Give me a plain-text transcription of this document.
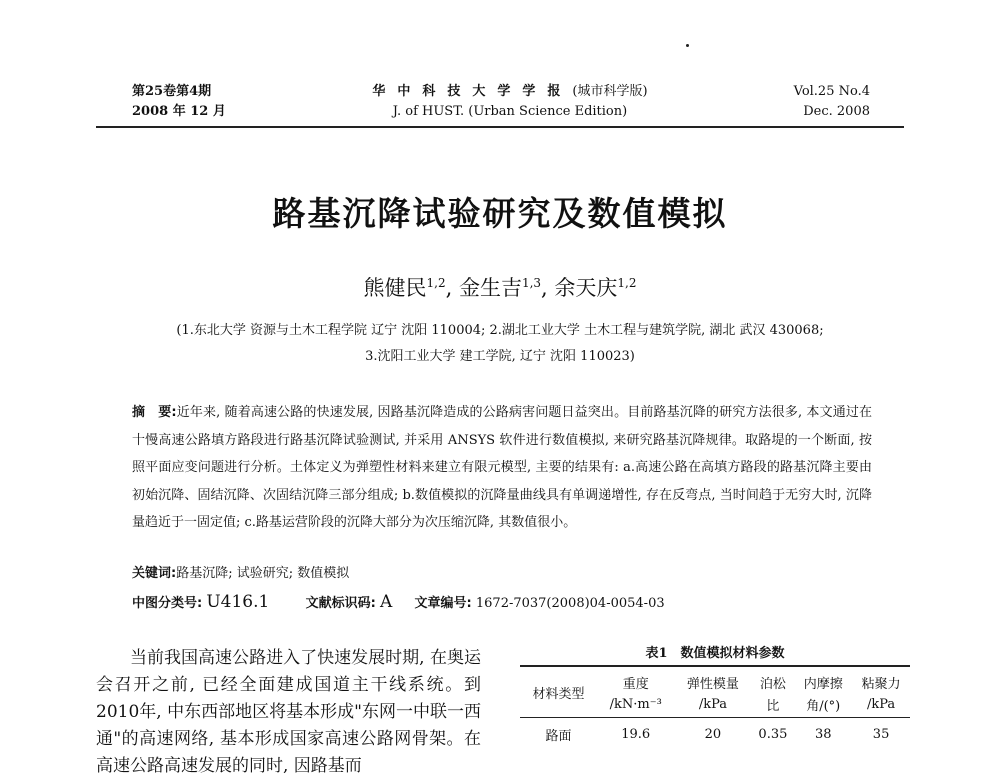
第25卷第4期
2008 年 12 月
华中科技大学学报(城市科学版)
J. of HUST. (Urban Science Edition)
Vol.25 No.4
Dec. 2008
路基沉降试验研究及数值模拟
熊健民$^{1,2}$, 金生吉$^{1,3}$, 余天庆$^{1,2}$
(1.东北大学 资源与土木工程学院 辽宁 沈阳 110004; 2.湖北工业大学 土木工程与建筑学院, 湖北 武汉 430068;
3.沈阳工业大学 建工学院, 辽宁 沈阳 110023)
摘　要:近年来, 随着高速公路的快速发展, 因路基沉降造成的公路病害问题日益突出。目前路基沉降的研究方法很多, 本文通过在十慢高速公路填方路段进行路基沉降试验测试, 并采用 ANSYS 软件进行数值模拟, 来研究路基沉降规律。取路堤的一个断面, 按照平面应变问题进行分析。土体定义为弹塑性材料来建立有限元模型, 主要的结果有: a.高速公路在高填方路段的路基沉降主要由初始沉降、固结沉降、次固结沉降三部分组成; b.数值模拟的沉降量曲线具有单调递增性, 存在反弯点, 当时间趋于无穷大时, 沉降量趋近于一固定值; c.路基运营阶段的沉降大部分为次压缩沉降, 其数值很小。
关键词:路基沉降; 试验研究; 数值模拟
中图分类号: U416.1	文献标识码: A 文章编号: 1672-7037(2008)04-0054-03
当前我国高速公路进入了快速发展时期, 在奥运会召开之前, 已经全面建成国道主干线系统。到2010年, 中东西部地区将基本形成"东网一中联一西通"的高速网络, 基本形成国家高速公路网骨架。在高速公路高速发展的同时, 因路基而
表1　数值模拟材料参数
材料类型	重度	弹性模量	泊松	内摩擦	粘聚力
	/kN·m⁻³	/kPa	比	角/(°)	/kPa
路面	19.6	20	0.35	38	35
